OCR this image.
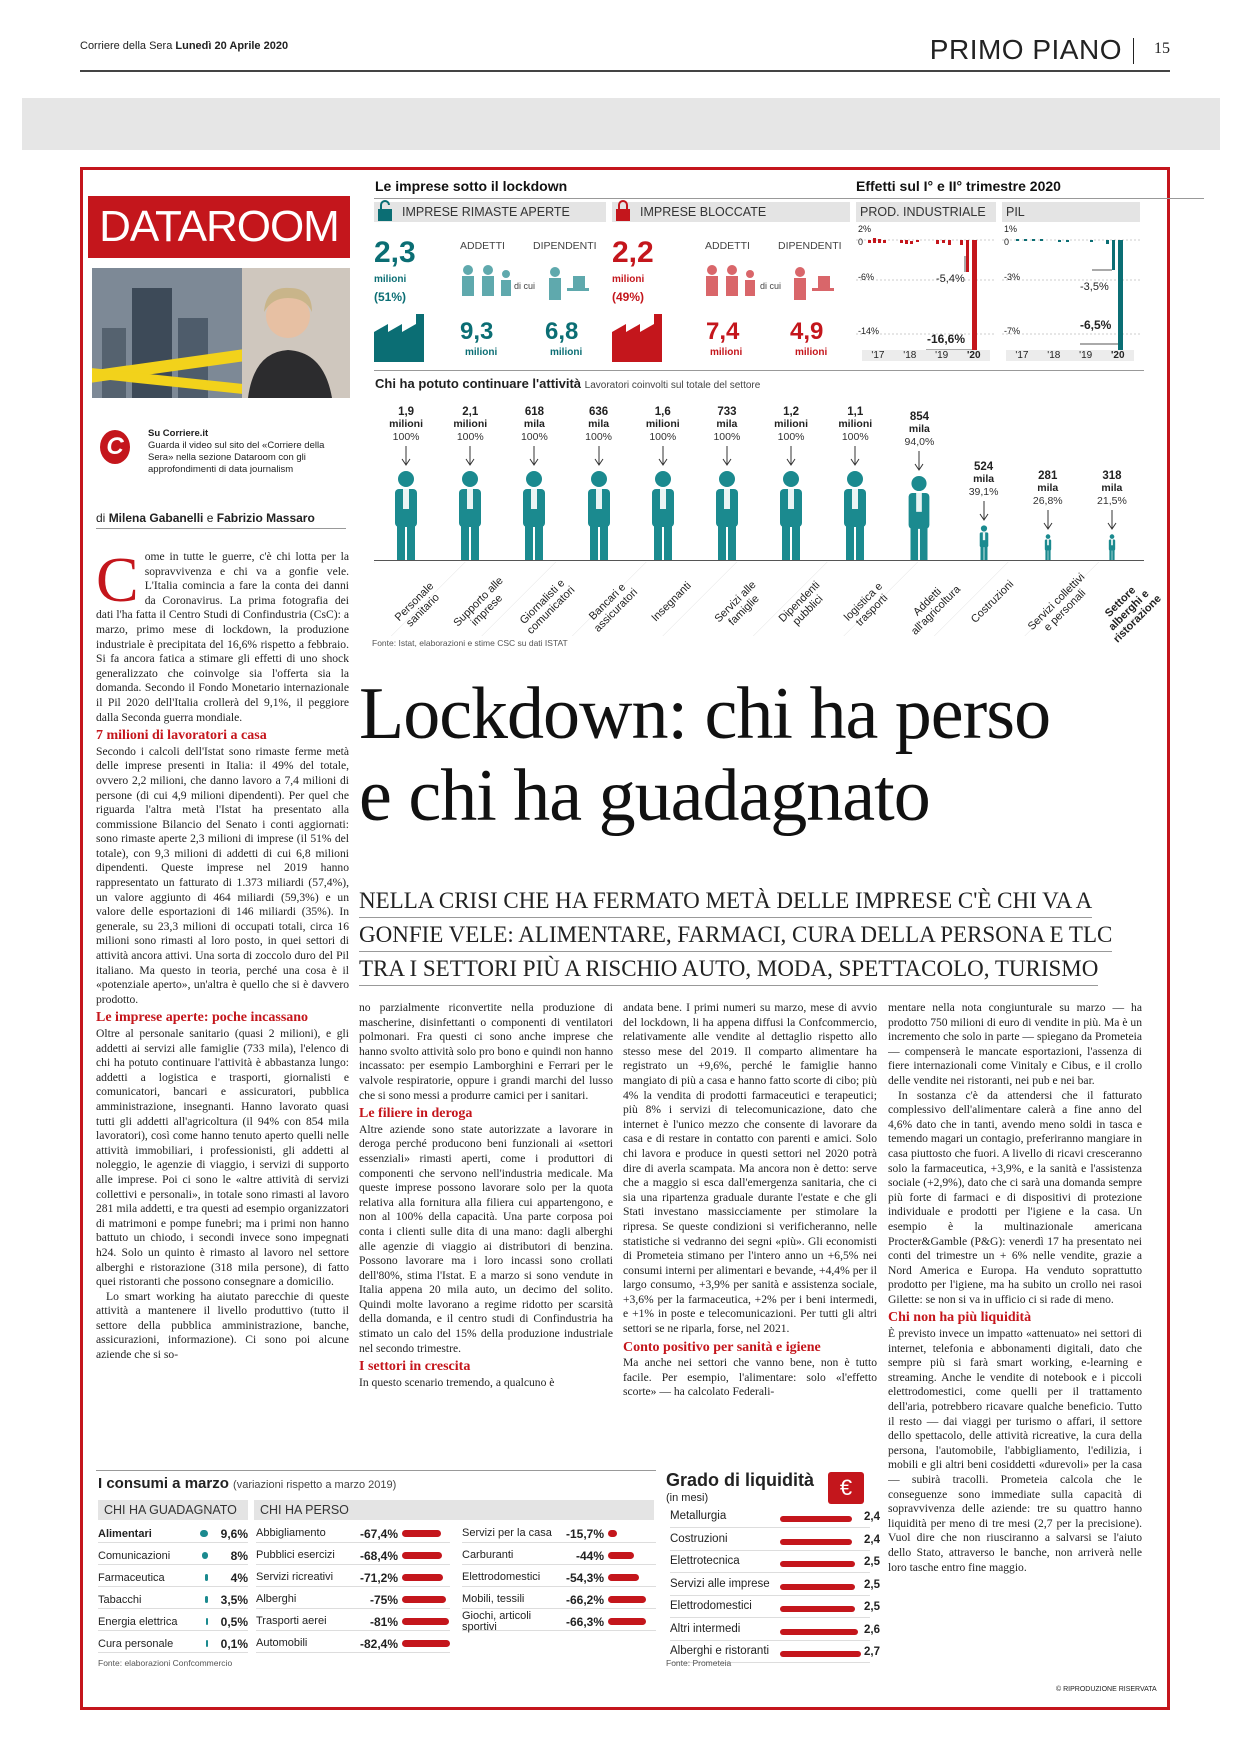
Corriere della Sera Lunedì 20 Aprile 2020	PRIMO PIANO 15
DATAROOM
C	Su Corriere.it
Guarda il video sul sito del «Corriere della Sera» nella sezione Dataroom con gli approfondimenti di data journalism
di Milena Gabanelli e Fabrizio Massaro
Le imprese sotto il lockdown
IMPRESE RIMASTE APERTE
2,3
milioni
(51%)
ADDETTI	DIPENDENTI
di cui
9,3 6,8
milioni	milioni
IMPRESE BLOCCATE
2,2
milioni
(49%)
ADDETTI	DIPENDENTI
di cui
7,4 4,9
milioni	milioni
Effetti sul I° e II° trimestre 2020
PROD. INDUSTRIALE	PIL
2%
0
-6%
-14%
-5,4%
-16,6%
'17 '18 '19 '20
1%
0
-3%
-7%
-3,5%
-6,5%
'17 '18 '19 '20
Chi ha potuto continuare l'attività Lavoratori coinvolti sul totale del settore
1,9
milioni
100%
2,1
milioni
100%
618
mila
100%
636
mila
100%
1,6
milioni
100%
733
mila
100%
1,2
milioni
100%
1,1
milioni
100%
854
mila
94,0%
524
mila
39,1%
281
mila
26,8%
318
mila
21,5%
Personale sanitario Supporto alle imprese	Giornalisti e comunicatori Bancari e assicuratori Insegnanti	Servizi alle famiglie	Dipendenti pubblici	logistica e trasporti	Addetti all'agricoltura Costruzioni Servizi collettivi e personali	Settore alberghi e ristorazione
Fonte: Istat, elaborazioni e stime CSC su dati ISTAT
Lockdown: chi ha perso
e chi ha guadagnato
NELLA CRISI CHE HA FERMATO METÀ DELLE IMPRESE C'È CHI VA A
GONFIE VELE: ALIMENTARE, FARMACI, CURA DELLA PERSONA E TLC
TRA I SETTORI PIÙ A RISCHIO AUTO, MODA, SPETTACOLO, TURISMO
C ome in tutte le guerre, c'è chi lotta per la sopravvivenza e chi va a gonfie vele. L'Italia comincia a fare la conta dei danni da Coronavirus. La prima fotografia dei dati l'ha fatta il Centro Studi di Confindustria (CsC): a marzo, primo mese di lockdown, la produzione industriale è precipitata del 16,6% rispetto a febbraio. Si fa ancora fatica a stimare gli effetti di uno shock generalizzato che coinvolge sia l'offerta sia la domanda. Secondo il Fondo Monetario internazionale il Pil 2020 dell'Italia crollerà del 9,1%, il peggiore dalla Seconda guerra mondiale.

7 milioni di lavoratori a casa

Secondo i calcoli dell'Istat sono rimaste ferme metà delle imprese presenti in Italia: il 49% del totale, ovvero 2,2 milioni, che danno lavoro a 7,4 milioni di persone (di cui 4,9 milioni dipendenti). Per quel che riguarda l'altra metà l'Istat ha presentato alla commissione Bilancio del Senato i conti aggiornati: sono rimaste aperte 2,3 milioni di imprese (il 51% del totale), con 9,3 milioni di addetti di cui 6,8 milioni dipendenti. Queste imprese nel 2019 hanno rappresentato un fatturato di 1.373 miliardi (57,4%), un valore aggiunto di 464 miliardi (59,3%) e un valore delle esportazioni di 146 miliardi (35%). In generale, su 23,3 milioni di occupati totali, circa 16 milioni sono rimasti al loro posto, in quei settori di attività ancora attivi. Una sorta di zoccolo duro del Pil italiano. Ma questo in teoria, perché una cosa è il «potenziale aperto», un'altra è quello che si è davvero prodotto.

Le imprese aperte: poche incassano

Oltre al personale sanitario (quasi 2 milioni), e gli addetti ai servizi alle famiglie (733 mila), l'elenco di chi ha potuto continuare l'attività è abbastanza lungo: addetti a logistica e trasporti, giornalisti e comunicatori, bancari e assicuratori, pubblica amministrazione, insegnanti. Hanno lavorato quasi tutti gli addetti all'agricoltura (il 94% con 854 mila lavoratori), così come hanno tenuto aperto quelli nelle attività immobiliari, i professionisti, gli addetti al noleggio, le agenzie di viaggio, i servizi di supporto alle imprese. Poi ci sono le «altre attività di servizi collettivi e personali», in totale sono rimasti al lavoro 281 mila addetti, e tra questi ad esempio organizzatori di matrimoni e pompe funebri; ma i primi non hanno battuto un chiodo, i secondi invece sono impegnati h24. Solo un quinto è rimasto al lavoro nel settore alberghi e ristorazione (318 mila persone), di fatto quei ristoranti che possono consegnare a domicilio.

Lo smart working ha aiutato parecchie di queste attività a mantenere il livello produttivo (tutto il settore della pubblica amministrazione, banche, assicurazioni, informazione). Ci sono poi alcune aziende che si so-

no parzialmente riconvertite nella produzione di mascherine, disinfettanti o componenti di ventilatori polmonari. Fra questi ci sono anche imprese che hanno svolto attività solo pro bono e quindi non hanno incassato: per esempio Lamborghini e Ferrari per le valvole respiratorie, oppure i grandi marchi del lusso che si sono messi a produrre camici per i sanitari.

Le filiere in deroga

Altre aziende sono state autorizzate a lavorare in deroga perché producono beni funzionali ai «settori essenziali» rimasti aperti, come i produttori di componenti che servono nell'industria medicale. Ma queste imprese possono lavorare solo per la quota relativa alla fornitura alla filiera cui appartengono, e non al 100% della capacità. Una parte corposa poi conta i clienti sulle dita di una mano: dagli alberghi alle agenzie di viaggio ai distributori di benzina. Possono lavorare ma i loro incassi sono crollati dell'80%, stima l'Istat. E a marzo si sono vendute in Italia appena 20 mila auto, un decimo del solito. Quindi molte lavorano a regime ridotto per scarsità della domanda, e il centro studi di Confindustria ha stimato un calo del 15% della produzione industriale nel secondo trimestre.

I settori in crescita

In questo scenario tremendo, a qualcuno è

andata bene. I primi numeri su marzo, mese di avvio del lockdown, li ha appena diffusi la Confcommercio, relativamente alle vendite al dettaglio rispetto allo stesso mese del 2019. Il comparto alimentare ha registrato un +9,6%, perché le famiglie hanno mangiato di più a casa e hanno fatto scorte di cibo; più 4% la vendita di prodotti farmaceutici e terapeutici; più 8% i servizi di telecomunicazione, dato che internet è l'unico mezzo che consente di lavorare da casa e di restare in contatto con parenti e amici. Solo chi lavora e produce in questi settori nel 2020 potrà dire di averla scampata. Ma ancora non è detto: serve che a maggio si esca dall'emergenza sanitaria, che ci sia una ripartenza graduale durante l'estate e che gli Stati investano massicciamente per stimolare la ripresa. Se queste condizioni si verificheranno, nelle statistiche si vedranno dei segni «più». Gli economisti di Prometeia stimano per l'intero anno un +6,5% nei consumi interni per alimentari e bevande, +4,4% per il largo consumo, +3,9% per sanità e assistenza sociale, +3,6% per la farmaceutica, +2% per i beni intermedi, e +1% in poste e telecomunicazioni. Per tutti gli altri settori se ne riparla, forse, nel 2021.

Conto positivo per sanità e igiene

Ma anche nei settori che vanno bene, non è tutto facile. Per esempio, l'alimentare: solo «l'effetto scorte» — ha calcolato Federali-

mentare nella nota congiunturale su marzo — ha prodotto 750 milioni di euro di vendite in più. Ma è un incremento che solo in parte — spiegano da Prometeia — compenserà le mancate esportazioni, l'assenza di fiere internazionali come Vinitaly e Cibus, e il crollo delle vendite nei ristoranti, nei pub e nei bar.

In sostanza c'è da attendersi che il fatturato complessivo dell'alimentare calerà a fine anno del 4,6% dato che in tanti, avendo meno soldi in tasca e temendo magari un contagio, preferiranno mangiare in casa piuttosto che fuori. A livello di ricavi cresceranno solo la farmaceutica, +3,9%, e la sanità e l'assistenza sociale (+2,9%), dato che ci sarà una domanda sempre più forte di farmaci e di dispositivi di protezione individuale e prodotti per l'igiene e la casa. Un esempio è la multinazionale americana Procter&Gamble (P&G): venerdì 17 ha presentato nei conti del trimestre un + 6% nelle vendite, grazie a Nord America e Europa. Ha venduto soprattutto prodotto per l'igiene, ma ha subito un crollo nei rasoi Gilette: se non si va in ufficio ci si rade di meno.

Chi non ha più liquidità

È previsto invece un impatto «attenuato» nei settori di internet, telefonia e abbonamenti digitali, dato che sempre più si farà smart working, e-learning e streaming. Anche le vendite di notebook e i piccoli elettrodomestici, come quelli per il trattamento dell'aria, potrebbero ricavare qualche beneficio. Tutto il resto — dai viaggi per turismo o affari, il settore dello spettacolo, delle attività ricreative, la cura della persona, l'automobile, l'abbigliamento, l'edilizia, i mobili e gli altri beni cosiddetti «durevoli» per la casa — subirà tracolli. Prometeia calcola che le conseguenze sono immediate sulla capacità di sopravvivenza delle aziende: tre su quattro hanno liquidità per meno di tre mesi (2,7 per la precisione). Vuol dire che non riusciranno a salvarsi se l'aiuto dello Stato, attraverso le banche, non arriverà nelle loro tasche entro fine maggio.

© RIPRODUZIONE RISERVATA
I consumi a marzo (variazioni rispetto a marzo 2019)
CHI HA GUADAGNATO	CHI HA PERSO
Alimentari	9,6%
Comunicazioni	8%
Farmaceutica	4%
Tabacchi	3,5%
Energia elettrica	0,5%
Cura personale	0,1%
Abbigliamento	-67,4%
Pubblici esercizi	-68,4%
Servizi ricreativi	-71,2%
Alberghi	-75%
Trasporti aerei	-81%
Automobili	-82,4%
Servizi per la casa	-15,7%
Carburanti	-44%
Elettrodomestici	-54,3%
Mobili, tessili	-66,2%
Giochi, articoli sportivi	-66,3%
Fonte: elaborazioni Confcommercio
Grado di liquidità
(in mesi)	€
Metallurgia	2,4
Costruzioni	2,4
Elettrotecnica	2,5
Servizi alle imprese	2,5
Elettrodomestici	2,5
Altri intermedi	2,6
Alberghi e ristoranti	2,7
Fonte: Prometeia
